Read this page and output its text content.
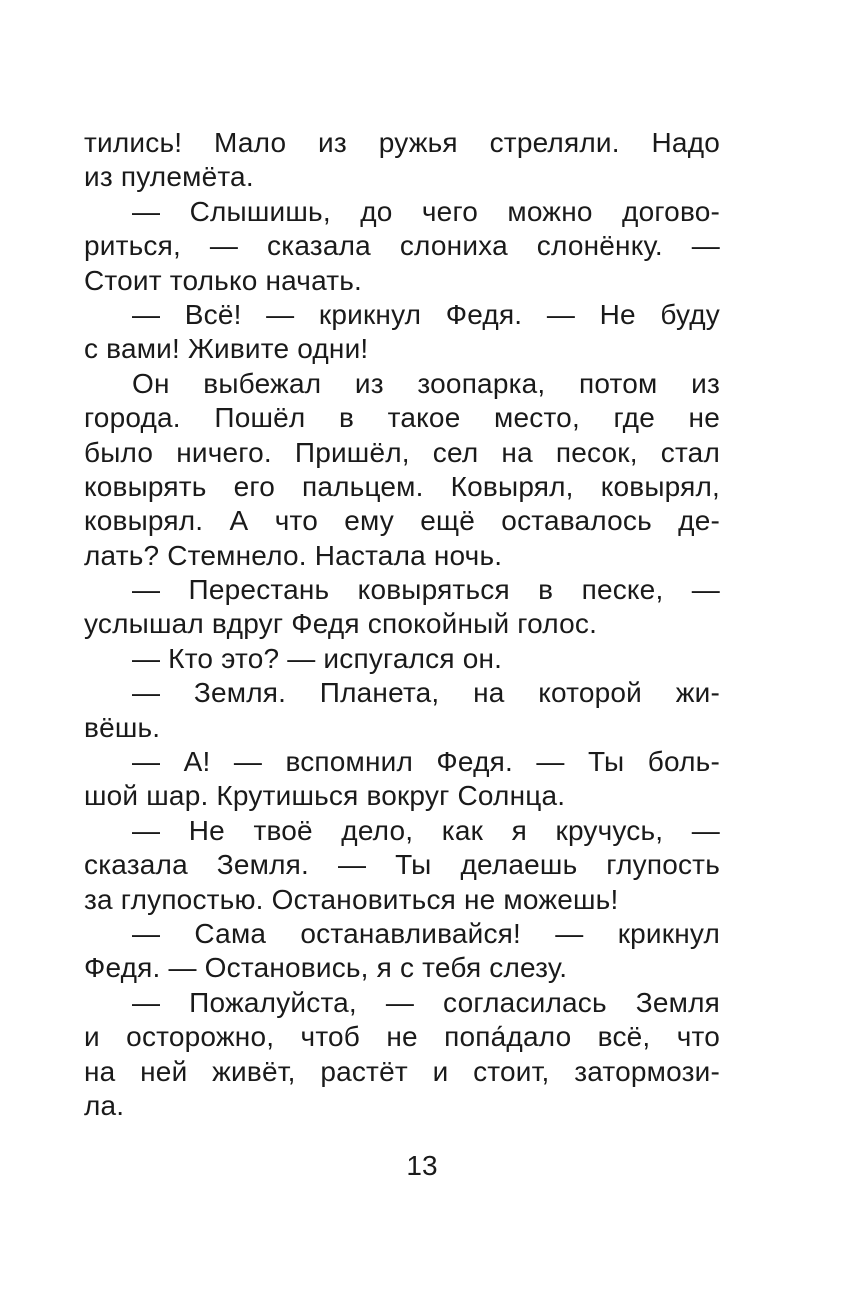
тились! Мало из ружья стреляли. Надо
из пулемёта.
— Слышишь, до чего можно догово-
риться, — сказала слониха слонёнку. —
Стоит только начать.
— Всё! — крикнул Федя. — Не буду
с вами! Живите одни!
Он выбежал из зоопарка, потом из
города. Пошёл в такое место, где не
было ничего. Пришёл, сел на песок, стал
ковырять его пальцем. Ковырял, ковырял,
ковырял. А что ему ещё оставалось де-
лать? Стемнело. Настала ночь.
— Перестань ковыряться в песке, —
услышал вдруг Федя спокойный голос.
— Кто это? — испугался он.
— Земля. Планета, на которой жи-
вёшь.
— А! — вспомнил Федя. — Ты боль-
шой шар. Крутишься вокруг Солнца.
— Не твоё дело, как я кручусь, —
сказала Земля. — Ты делаешь глупость
за глупостью. Остановиться не можешь!
— Сама останавливайся! — крикнул
Федя. — Остановись, я с тебя слезу.
— Пожалуйста, — согласилась Земля
и осторожно, чтоб не попа́дало всё, что
на ней живёт, растёт и стоит, затормози-
ла.
13
